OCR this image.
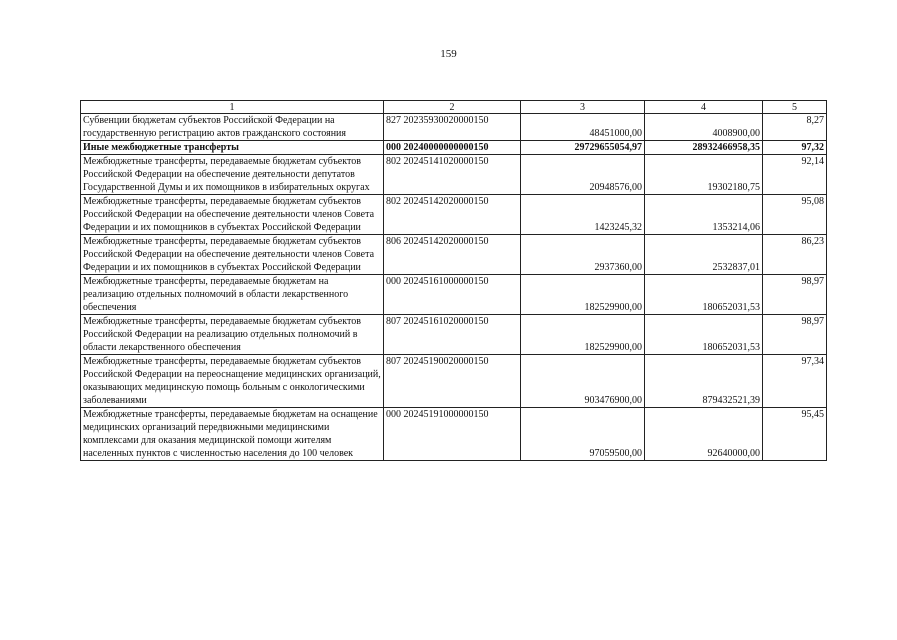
159
1	2	3	4	5
Субвенции бюджетам субъектов Российской Федерации на государственную регистрацию актов гражданского состояния	827 20235930020000150	48451000,00	4008900,00	8,27
Иные межбюджетные трансферты	000 20240000000000150	29729655054,97	28932466958,35	97,32
Межбюджетные трансферты, передаваемые бюджетам субъектов Российской Федерации на обеспечение деятельности депутатов Государственной Думы и их помощников в избирательных округах	802 20245141020000150	20948576,00	19302180,75	92,14
Межбюджетные трансферты, передаваемые бюджетам субъектов Российской Федерации на обеспечение деятельности членов Совета Федерации и их помощников в субъектах Российской Федерации	802 20245142020000150	1423245,32	1353214,06	95,08
Межбюджетные трансферты, передаваемые бюджетам субъектов Российской Федерации на обеспечение деятельности членов Совета Федерации и их помощников в субъектах Российской Федерации	806 20245142020000150	2937360,00	2532837,01	86,23
Межбюджетные трансферты, передаваемые бюджетам на реализацию отдельных полномочий в области лекарственного обеспечения	000 20245161000000150	182529900,00	180652031,53	98,97
Межбюджетные трансферты, передаваемые бюджетам субъектов Российской Федерации на реализацию отдельных полномочий в области лекарственного обеспечения	807 20245161020000150	182529900,00	180652031,53	98,97
Межбюджетные трансферты, передаваемые бюджетам субъектов Российской Федерации на переоснащение медицинских организаций, оказывающих медицинскую помощь больным с онкологическими заболеваниями	807 20245190020000150	903476900,00	879432521,39	97,34
Межбюджетные трансферты, передаваемые бюджетам на оснащение медицинских организаций передвижными медицинскими комплексами для оказания медицинской помощи жителям населенных пунктов с численностью населения до 100 человек	000 20245191000000150	97059500,00	92640000,00	95,45
